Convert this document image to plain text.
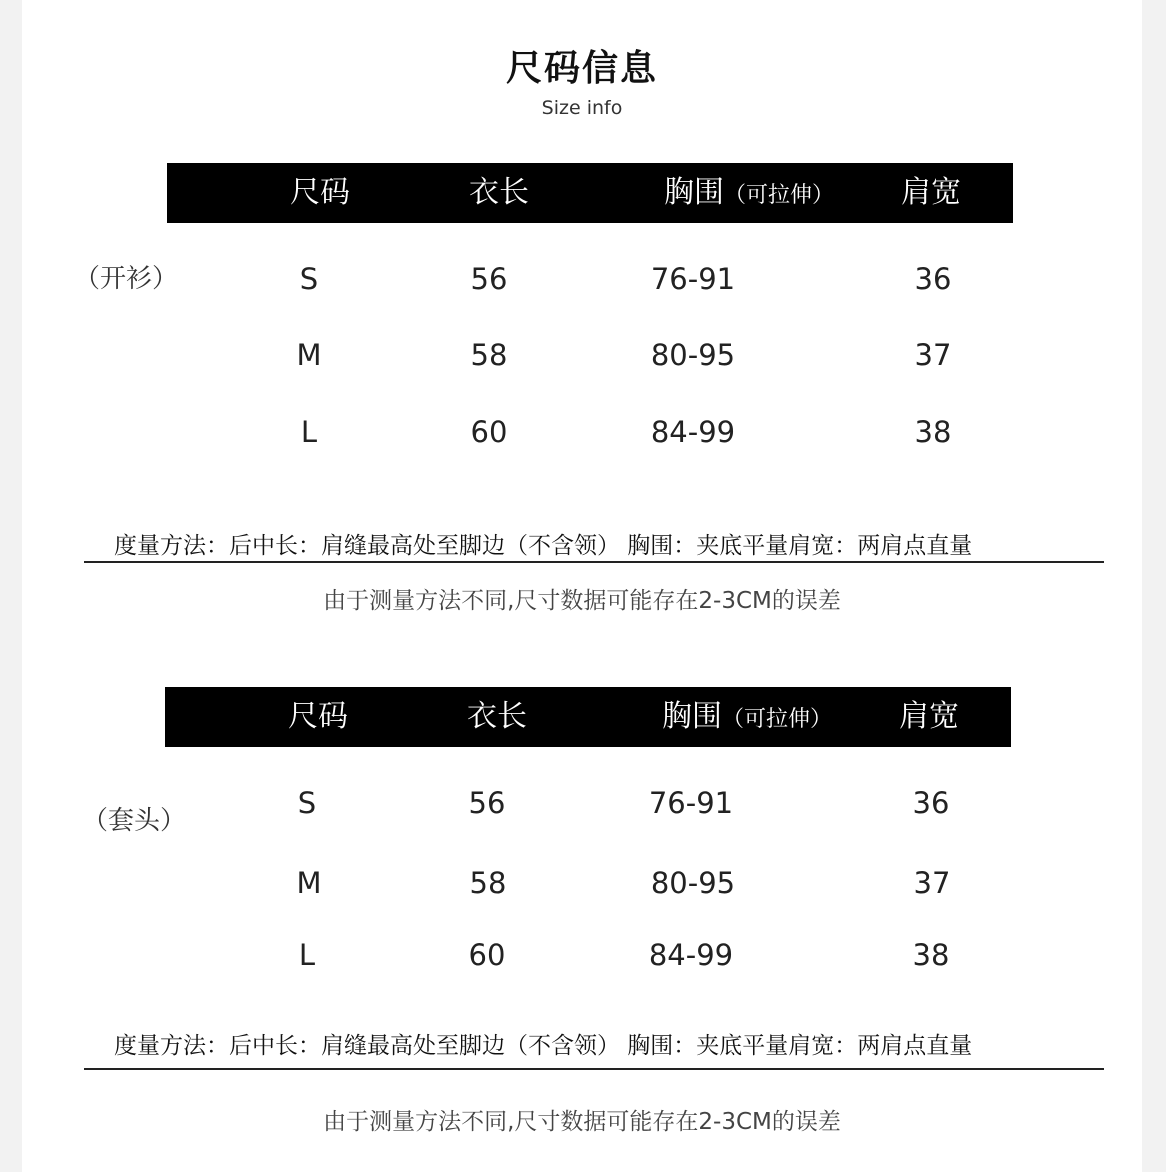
尺码信息
Size info
尺码	衣长	胸围（可拉伸） 肩宽
（开衫）	S	56	76-91	36
M	58	80-95	37
L	60	84-99	38
度量方法：后中长：肩缝最高处至脚边（不含领） 胸围：夹底平量肩宽：两肩点直量
由于测量方法不同,尺寸数据可能存在2-3CM的误差
尺码	衣长	胸围（可拉伸） 肩宽
（套头）
S	56	76-91	36
M	58	80-95	37
L	60	84-99	38
度量方法：后中长：肩缝最高处至脚边（不含领） 胸围：夹底平量肩宽：两肩点直量
由于测量方法不同,尺寸数据可能存在2-3CM的误差
